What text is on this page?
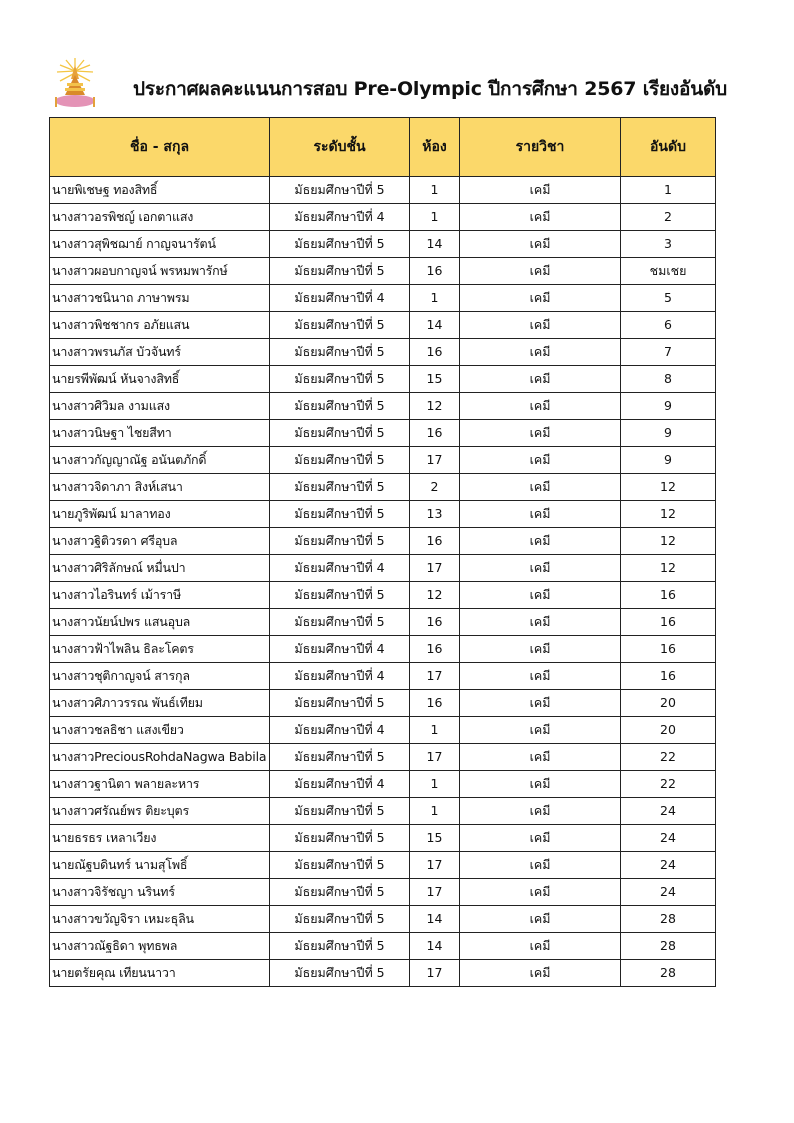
ประกาศผลคะแนนการสอบ Pre-Olympic ปีการศึกษา 2567 เรียงอันดับ
ชื่อ - สกุล	ระดับชั้น	ห้อง	รายวิชา	อันดับ
นายพิเชษฐ ทองสิทธิ์	มัธยมศึกษาปีที่ 5	1	เคมี	1
นางสาวอรพิชญ์ เอกตาแสง	มัธยมศึกษาปีที่ 4	1	เคมี	2
นางสาวสุพิชฌาย์ กาญจนารัตน์	มัธยมศึกษาปีที่ 5	14	เคมี	3
นางสาวผอบกาญจน์ พรหมพารักษ์	มัธยมศึกษาปีที่ 5	16	เคมี	ชมเชย
นางสาวชนินาถ ภาษาพรม	มัธยมศึกษาปีที่ 4	1	เคมี	5
นางสาวพิชชากร อภัยแสน	มัธยมศึกษาปีที่ 5	14	เคมี	6
นางสาวพรนภัส บัวจันทร์	มัธยมศึกษาปีที่ 5	16	เคมี	7
นายรพีพัฒน์ หันจางสิทธิ์	มัธยมศึกษาปีที่ 5	15	เคมี	8
นางสาวศิวิมล งามแสง	มัธยมศึกษาปีที่ 5	12	เคมี	9
นางสาวนิษฐา ไชยสีทา	มัธยมศึกษาปีที่ 5	16	เคมี	9
นางสาวกัญญาณัฐ อนันตภักดิ์	มัธยมศึกษาปีที่ 5	17	เคมี	9
นางสาวจิดาภา สิงห์เสนา	มัธยมศึกษาปีที่ 5	2	เคมี	12
นายภูริพัฒน์ มาลาทอง	มัธยมศึกษาปีที่ 5	13	เคมี	12
นางสาวฐิติวรดา ศรีอุบล	มัธยมศึกษาปีที่ 5	16	เคมี	12
นางสาวศิริลักษณ์ หมื่นปา	มัธยมศึกษาปีที่ 4	17	เคมี	12
นางสาวไอรินทร์ เม้าราษี	มัธยมศึกษาปีที่ 5	12	เคมี	16
นางสาวนัยน์ปพร แสนอุบล	มัธยมศึกษาปีที่ 5	16	เคมี	16
นางสาวฟ้าไพลิน ธิละโคตร	มัธยมศึกษาปีที่ 4	16	เคมี	16
นางสาวชุติกาญจน์ สารกุล	มัธยมศึกษาปีที่ 4	17	เคมี	16
นางสาวศิภาวรรณ พันธ์เทียม	มัธยมศึกษาปีที่ 5	16	เคมี	20
นางสาวชลธิชา แสงเขียว	มัธยมศึกษาปีที่ 4	1	เคมี	20
นางสาวPreciousRohdaNagwa Babila	มัธยมศึกษาปีที่ 5	17	เคมี	22
นางสาวฐานิตา พลายละหาร	มัธยมศึกษาปีที่ 4	1	เคมี	22
นางสาวศรัณย์พร ติยะบุตร	มัธยมศึกษาปีที่ 5	1	เคมี	24
นายธรธร เหลาเวียง	มัธยมศึกษาปีที่ 5	15	เคมี	24
นายณัฐบดินทร์ นามสุโพธิ์	มัธยมศึกษาปีที่ 5	17	เคมี	24
นางสาวจิรัชญา นรินทร์	มัธยมศึกษาปีที่ 5	17	เคมี	24
นางสาวขวัญจิรา เหมะธุลิน	มัธยมศึกษาปีที่ 5	14	เคมี	28
นางสาวณัฐธิดา พุทธพล	มัธยมศึกษาปีที่ 5	14	เคมี	28
นายตรัยคุณ เทียนนาวา	มัธยมศึกษาปีที่ 5	17	เคมี	28
